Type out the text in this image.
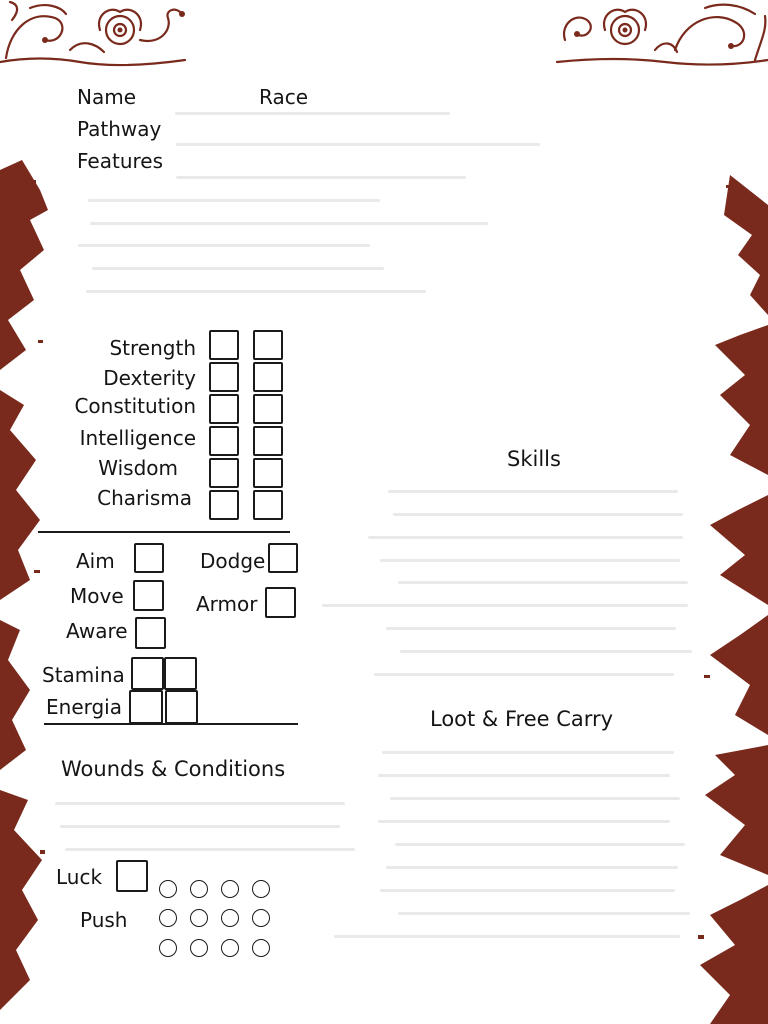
Name	Race
Pathway
Features
Strength
Dexterity
Constitution
Intelligence
Wisdom
Charisma
Aim	Dodge
Move	Armor
Aware
Stamina
Energia
Wounds & Conditions
Luck
Push
Skills
Loot & Free Carry
